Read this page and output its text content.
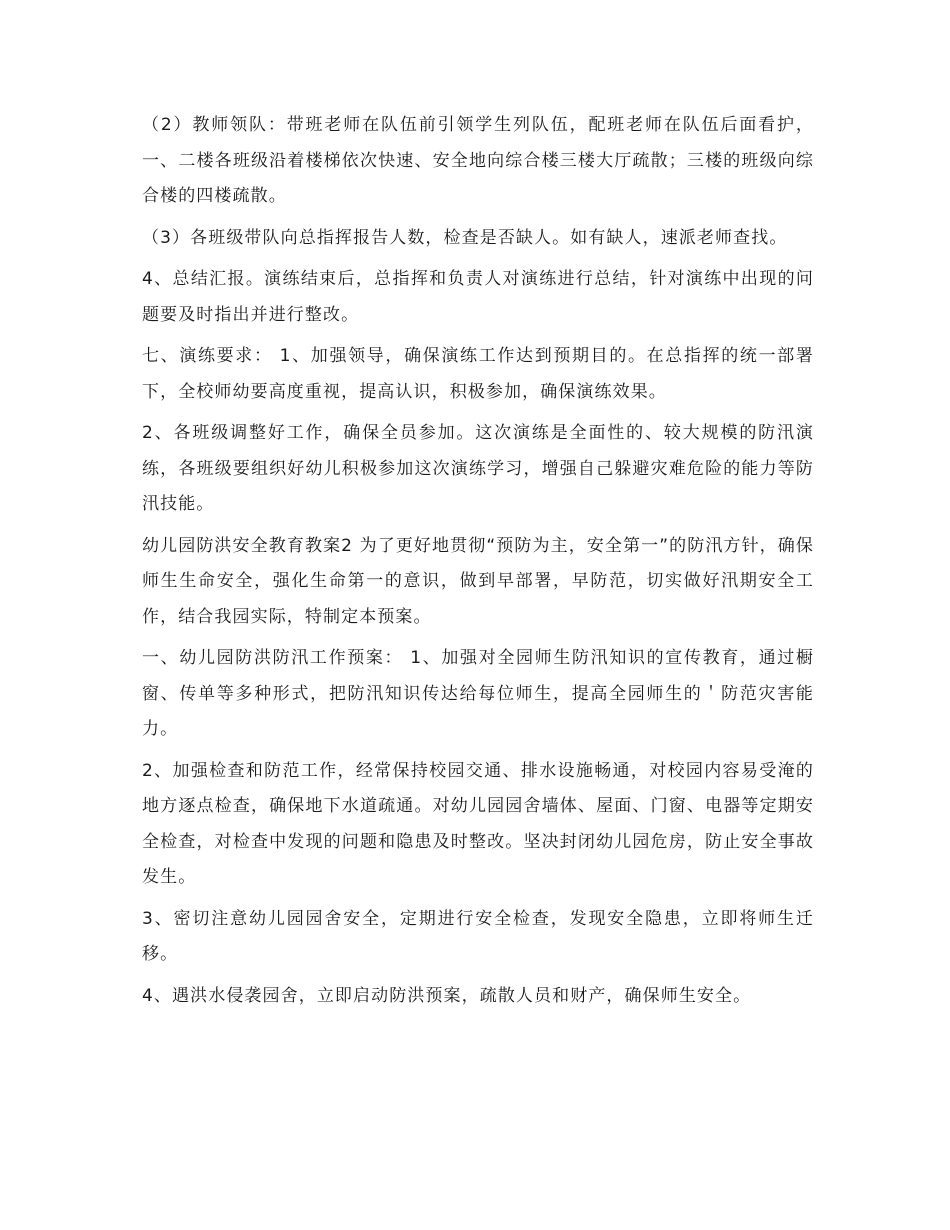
（2）教师领队：带班老师在队伍前引领学生列队伍，配班老师在队伍后面看护，一、二楼各班级沿着楼梯依次快速、安全地向综合楼三楼大厅疏散；三楼的班级向综合楼的四楼疏散。

（3）各班级带队向总指挥报告人数，检查是否缺人。如有缺人，速派老师查找。

4、总结汇报。演练结束后，总指挥和负责人对演练进行总结，针对演练中出现的问题要及时指出并进行整改。

七、演练要求： 1、加强领导，确保演练工作达到预期目的。在总指挥的统一部署下，全校师幼要高度重视，提高认识，积极参加，确保演练效果。

2、各班级调整好工作，确保全员参加。这次演练是全面性的、较大规模的防汛演练，各班级要组织好幼儿积极参加这次演练学习，增强自己躲避灾难危险的能力等防汛技能。

幼儿园防洪安全教育教案2 为了更好地贯彻“预防为主，安全第一”的防汛方针，确保师生生命安全，强化生命第一的意识，做到早部署，早防范，切实做好汛期安全工作，结合我园实际，特制定本预案。

一、幼儿园防洪防汛工作预案： 1、加强对全园师生防汛知识的宣传教育，通过橱窗、传单等多种形式，把防汛知识传达给每位师生，提高全园师生的＇防范灾害能力。

2、加强检查和防范工作，经常保持校园交通、排水设施畅通，对校园内容易受淹的地方逐点检查，确保地下水道疏通。对幼儿园园舍墙体、屋面、门窗、电器等定期安全检查，对检查中发现的问题和隐患及时整改。坚决封闭幼儿园危房，防止安全事故发生。

3、密切注意幼儿园园舍安全，定期进行安全检查，发现安全隐患，立即将师生迁移。

4、遇洪水侵袭园舍，立即启动防洪预案，疏散人员和财产，确保师生安全。
